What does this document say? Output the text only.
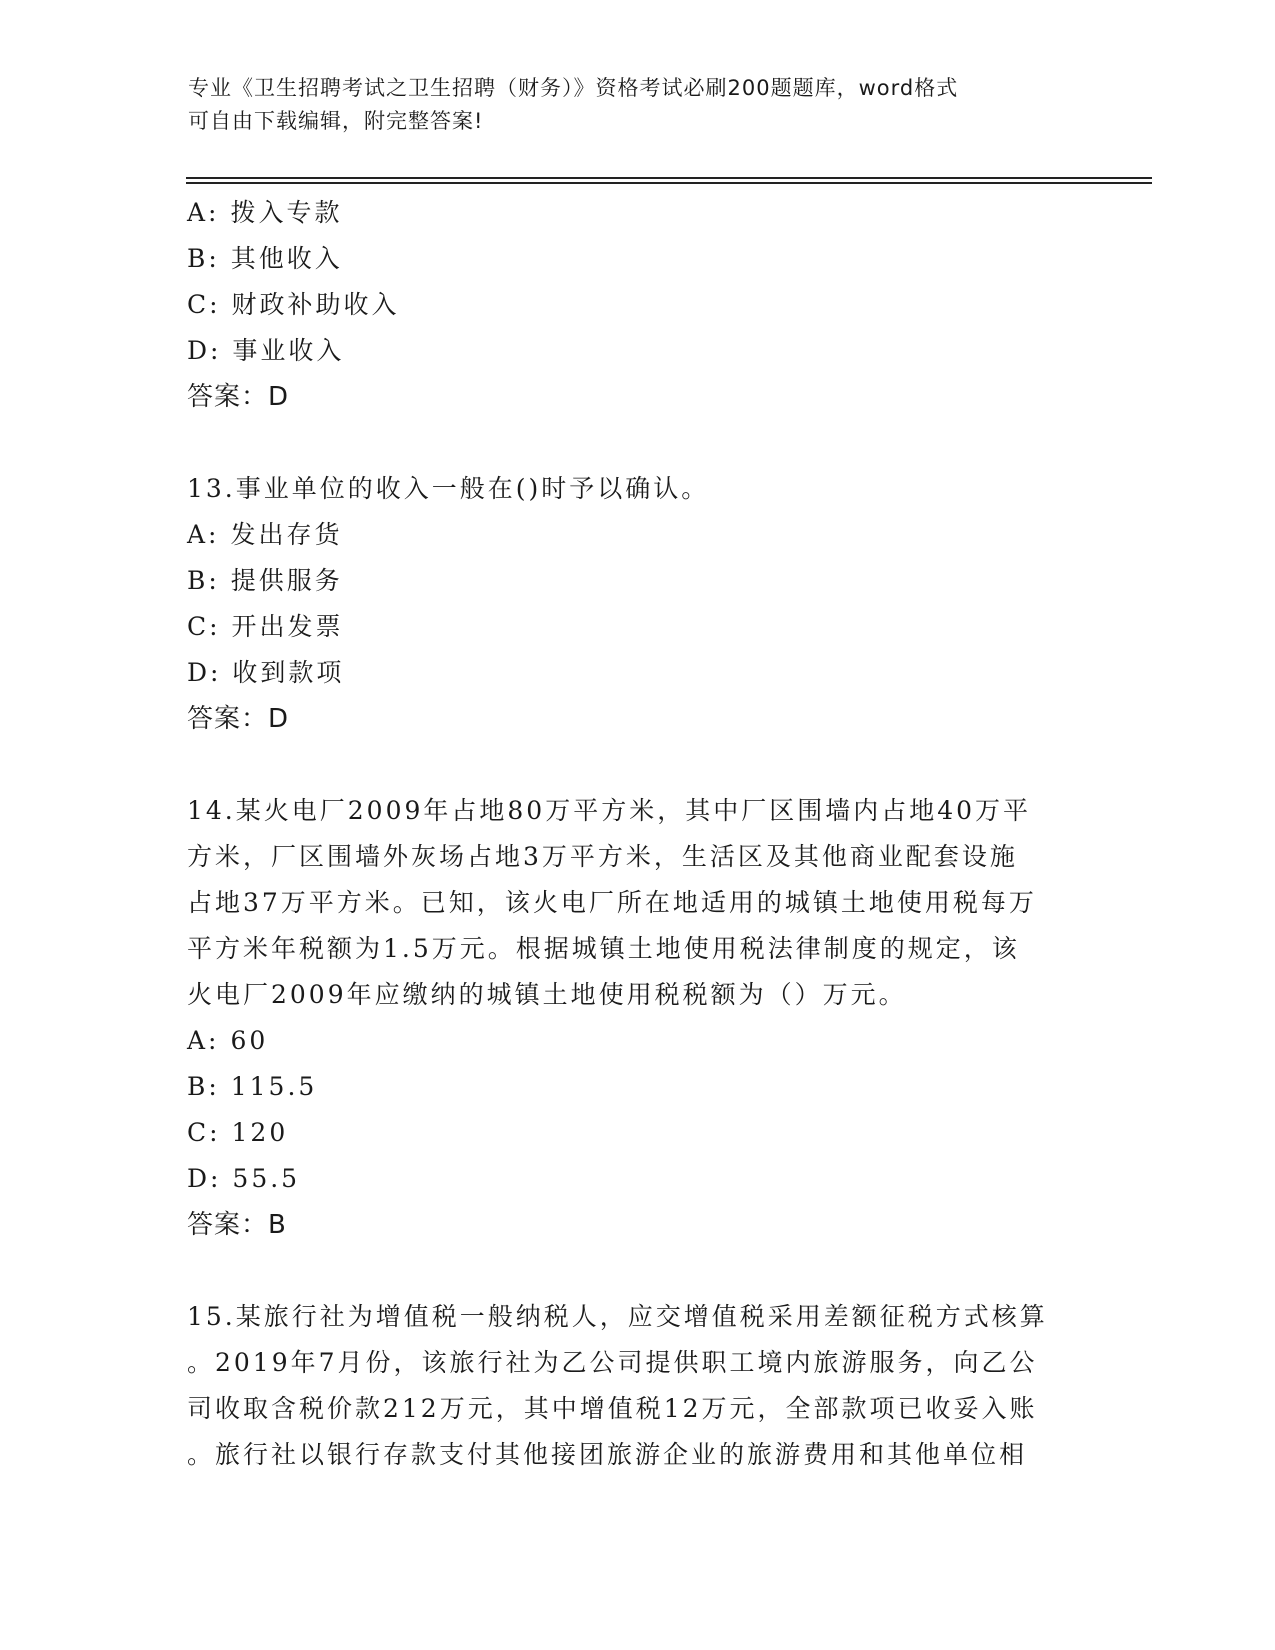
专业《卫生招聘考试之卫生招聘（财务）》资格考试必刷200题题库，word格式
可自由下载编辑，附完整答案!
A: 拨入专款
B: 其他收入
C: 财政补助收入
D: 事业收入
答案：D
13.事业单位的收入一般在()时予以确认。
A: 发出存货
B: 提供服务
C: 开出发票
D: 收到款项
答案：D
14.某火电厂2009年占地80万平方米，其中厂区围墙内占地40万平
方米，厂区围墙外灰场占地3万平方米，生活区及其他商业配套设施
占地37万平方米。已知，该火电厂所在地适用的城镇土地使用税每万
平方米年税额为1.5万元。根据城镇土地使用税法律制度的规定，该
火电厂2009年应缴纳的城镇土地使用税税额为（）万元。
A: 60
B: 115.5
C: 120
D: 55.5
答案：B
15.某旅行社为增值税一般纳税人，应交增值税采用差额征税方式核算
。2019年7月份，该旅行社为乙公司提供职工境内旅游服务，向乙公
司收取含税价款212万元，其中增值税12万元，全部款项已收妥入账
。旅行社以银行存款支付其他接团旅游企业的旅游费用和其他单位相
